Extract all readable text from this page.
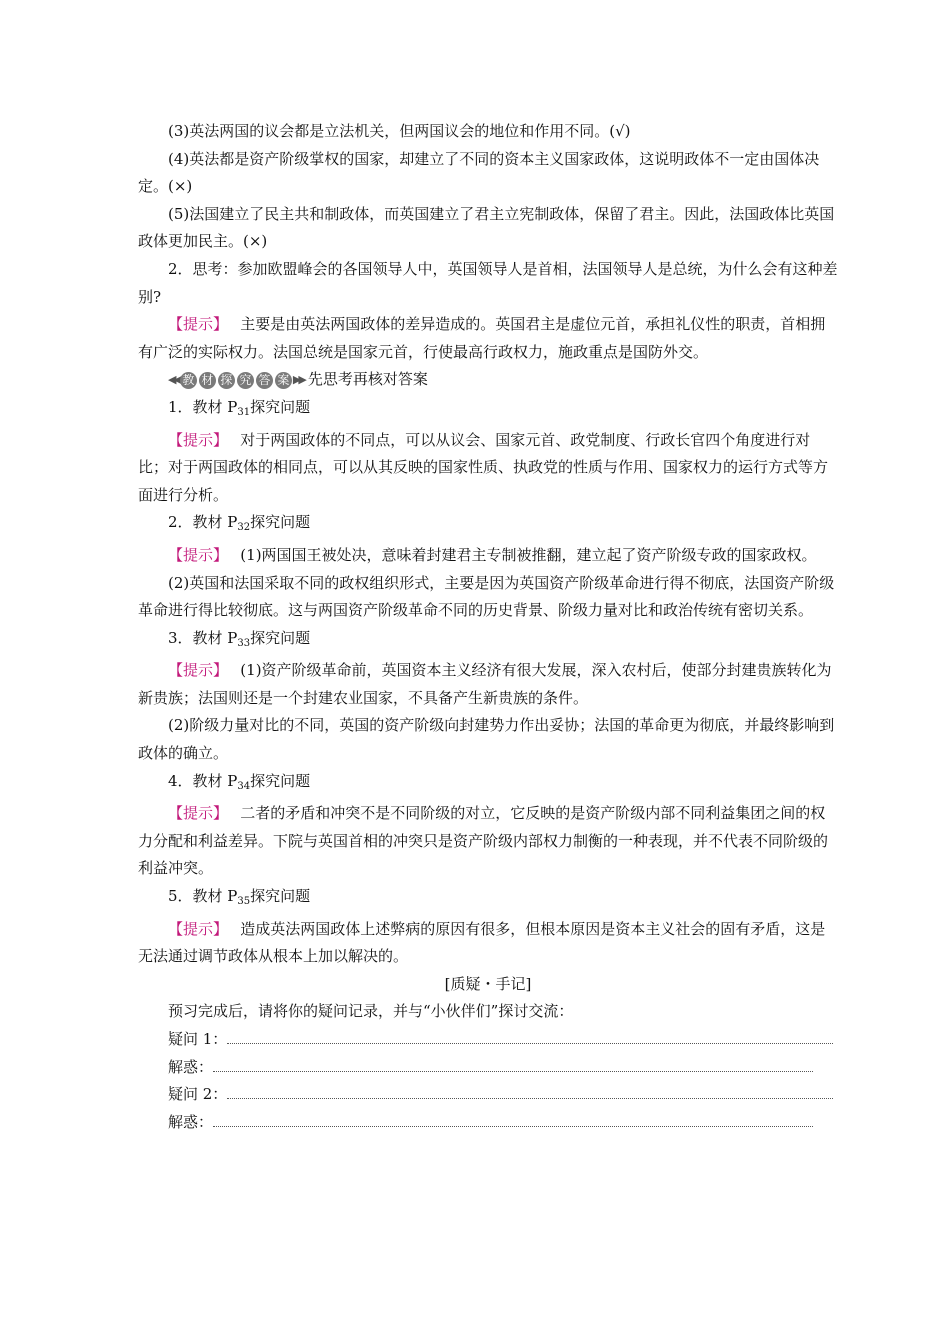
(3)英法两国的议会都是立法机关，但两国议会的地位和作用不同。(√)

(4)英法都是资产阶级掌权的国家，却建立了不同的资本主义国家政体，这说明政体不一定由国体决定。(×)

(5)法国建立了民主共和制政体，而英国建立了君主立宪制政体，保留了君主。因此，法国政体比英国政体更加民主。(×)

2．思考：参加欧盟峰会的各国领导人中，英国领导人是首相，法国领导人是总统，为什么会有这种差别?

【提示】　 主要是由英法两国政体的差异造成的。英国君主是虚位元首，承担礼仪性的职责，首相拥有广泛的实际权力。法国总统是国家元首，行使最高行政权力，施政重点是国防外交。

◀◀ 教 材 探 究 答 案 ▶▶ 先思考再核对答案

1．教材 $P_{31}$探究问题

【提示】　 对于两国政体的不同点，可以从议会、国家元首、政党制度、行政长官四个角度进行对比；对于两国政体的相同点，可以从其反映的国家性质、执政党的性质与作用、国家权力的运行方式等方面进行分析。

2．教材 $P_{32}$探究问题

【提示】　 (1)两国国王被处决，意味着封建君主专制被推翻，建立起了资产阶级专政的国家政权。

(2)英国和法国采取不同的政权组织形式，主要是因为英国资产阶级革命进行得不彻底，法国资产阶级革命进行得比较彻底。这与两国资产阶级革命不同的历史背景、阶级力量对比和政治传统有密切关系。

3．教材 $P_{33}$探究问题

【提示】　 (1)资产阶级革命前，英国资本主义经济有很大发展，深入农村后，使部分封建贵族转化为新贵族；法国则还是一个封建农业国家，不具备产生新贵族的条件。

(2)阶级力量对比的不同，英国的资产阶级向封建势力作出妥协；法国的革命更为彻底，并最终影响到政体的确立。

4．教材 $P_{34}$探究问题

【提示】　 二者的矛盾和冲突不是不同阶级的对立，它反映的是资产阶级内部不同利益集团之间的权力分配和利益差异。下院与英国首相的冲突只是资产阶级内部权力制衡的一种表现，并不代表不同阶级的利益冲突。

5．教材 $P_{35}$探究问题

【提示】　 造成英法两国政体上述弊病的原因有很多，但根本原因是资本主义社会的固有矛盾，这是无法通过调节政体从根本上加以解决的。

[质疑・手记]

预习完成后，请将你的疑问记录，并与“小伙伴们”探讨交流：

疑问 1：
解惑：
疑问 2：
解惑：
